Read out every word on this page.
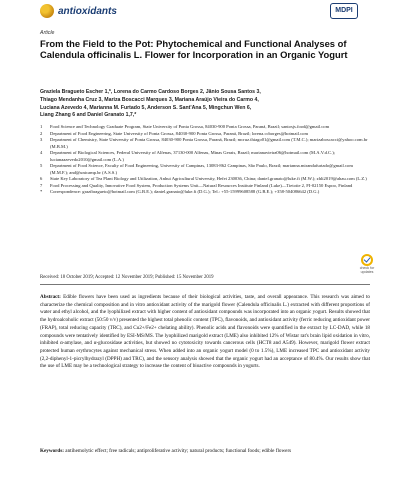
antioxidants	MDPI
Article
From the Field to the Pot: Phytochemical and Functional Analyses of Calendula officinalis L. Flower for Incorporation in an Organic Yogurt
Graziela Bragueto Escher 1,*, Lorena do Carmo Cardoso Borges 2, Jânio Sousa Santos 3,
Thiago Mendanha Cruz 3, Mariza Boscacci Marques 3, Mariana Araújo Vieira do Carmo 4,
Luciana Azevedo 4, Marianna M. Furtado 5, Anderson S. Sant'Ana 5, Mingchun Wen 6,
Liang Zhang 6 and Daniel Granato 1,7,*
1	Food Science and Technology Graduate Program, State University of Ponta Grossa, 84030-900 Ponta Grossa, Paraná, Brazil; santosjs.food@gmail.com
2	Department of Food Engineering, State University of Ponta Grossa, 84030-900 Ponta Grossa, Paraná, Brazil; lorena.ccborges@hotmail.com
3	Department of Chemistry, State University of Ponta Grossa, 84030-900 Ponta Grossa, Paraná, Brazil; mcruz.thiago01@gmail.com (T.M.C.); marizaboscacci@yahoo.com.br (M.B.M.)
4	Department of Biological Sciences, Federal University of Alfenas, 37130-000 Alfenas, Minas Gerais, Brazil; marianavieira06@hotmail.com (M.A.V.d.C.); lucianaazevedo2010@gmail.com (L.A.)
5	Department of Food Science, Faculty of Food Engineering, University of Campinas, 13083-862 Campinas, São Paulo, Brazil; marianna.mirandafurtado@gmail.com (M.M.F.); and@unicamp.br (A.S.S.)
6	State Key Laboratory of Tea Plant Biology and Utilization, Anhui Agricultural University, Hefei 230036, China; daniel.granato@luke.fi (M.W.); zhli2019@ahau.com (L.Z.)
7	Food Processing and Quality, Innovative Food System, Production Systems Unit—Natural Resources Institute Finland (Luke)—Tietotie 2, FI-02150 Espoo, Finland
*	Correspondence: grazibragueto@hotmail.com (G.B.E.); daniel.granato@luke.fi (D.G.); Tel.: +55-15999608588 (G.B.E.); +358-504086642 (D.G.)
check for updates
Received: 18 October 2019; Accepted: 12 November 2019; Published: 15 November 2019
Abstract: Edible flowers have been used as ingredients because of their biological activities, taste, and overall appearance. This research was aimed to characterize the chemical composition and in vitro antioxidant activity of the marigold flower (Calendula officinalis L.) extracted with different proportions of water and ethyl alcohol, and the lyophilized extract with higher content of antioxidant compounds was incorporated into an organic yogurt. Results showed that the hydroalcoholic extract (50:50 v/v) presented the highest total phenolic content (TPC), flavonoids, and antioxidant activity (ferric reducing antioxidant power (FRAP), total reducing capacity (TRC), and Cu2+/Fe2+ chelating ability). Phenolic acids and flavonoids were quantified in the extract by LC-DAD, while 18 compounds were tentatively identified by ESI-MS/MS. The lyophilized marigold extract (LME) also inhibited 12% of Wistar rat's brain lipid oxidation in vitro, inhibited α-amylase, and α-glucosidase activities, but showed no cytotoxicity towards cancerous cells (HCT8 and A549). However, marigold flower extract protected human erythrocytes against mechanical stress. When added into an organic yogurt model (0 to 1.5%), LME increased TPC and antioxidant activity (2,2-diphenyl-1-picrylhydrazyl (DPPH) and TRC), and the sensory analysis showed that the organic yogurt had an acceptance of 80.4%. Our results show that the use of LME may be a technological strategy to increase the content of bioactive compounds in yogurts.
Keywords: antihemolytic effect; free radicals; antiproliferative activity; natural products; functional foods; edible flowers
